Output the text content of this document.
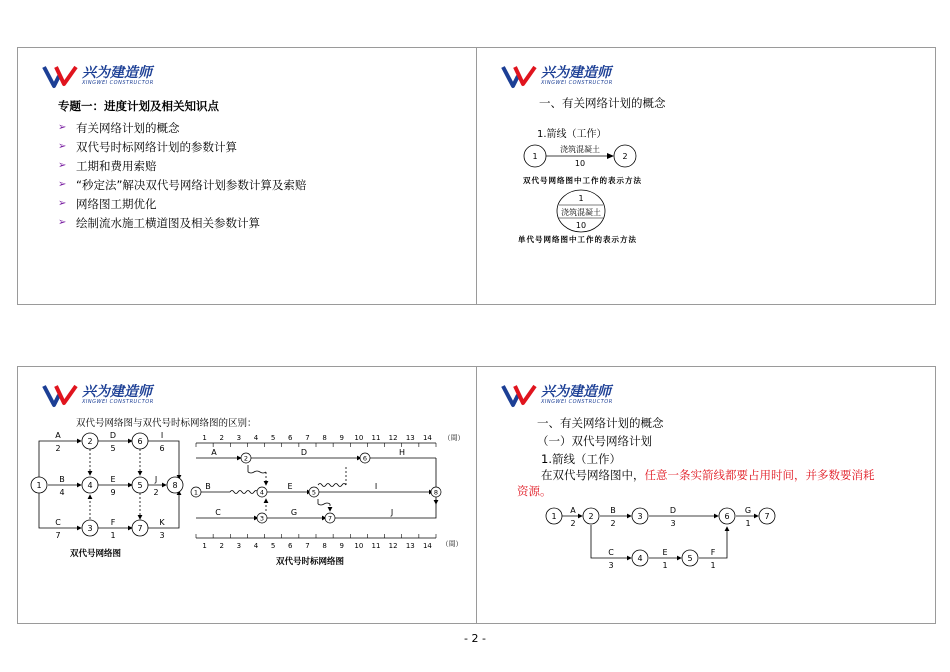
兴为建造师
XINGWEI CONSTRUCTOR
专题一：进度计划及相关知识点
➢ 有关网络计划的概念
➢ 双代号时标网络计划的参数计算
➢ 工期和费用索赔
➢ “秒定法”解决双代号网络计划参数计算及索赔
➢ 网络图工期优化
➢ 绘制流水施工横道图及相关参数计算
兴为建造师
XINGWEI CONSTRUCTOR
一、有关网络计划的概念
1.箭线（工作）
1	2
浇筑混凝土
10
双代号网络图中工作的表示方法
1
浇筑混凝土
10
单代号网络图中工作的表示方法
兴为建造师
XINGWEI CONSTRUCTOR
双代号网络图与双代号时标网络图的区别：
1
2
3
4	5
6
7
8
A
2
D
5
I
6
B
4
E
9
J
2
C
7
F
1
K
3
双代号网络图
1 2 3 4 5 6 7 8 9 10 11 12 13 14 （周）
1 2 3 4 5 6 7 8 9 10 11 12 13 14 （周）
1
2
3
4	5
6
7
8
A	D	H
B	E	I
C	G	J
双代号时标网络图
兴为建造师
XINGWEI CONSTRUCTOR
一、有关网络计划的概念
（一）双代号网络计划
1.箭线（工作）
在双代号网络图中，任意一条实箭线都要占用时间，并多数要消耗资源。
1	2	3
4	5
6	7
A
2
B
2
D
3
G
1
C
3
E
1
F
1
- 2 -
